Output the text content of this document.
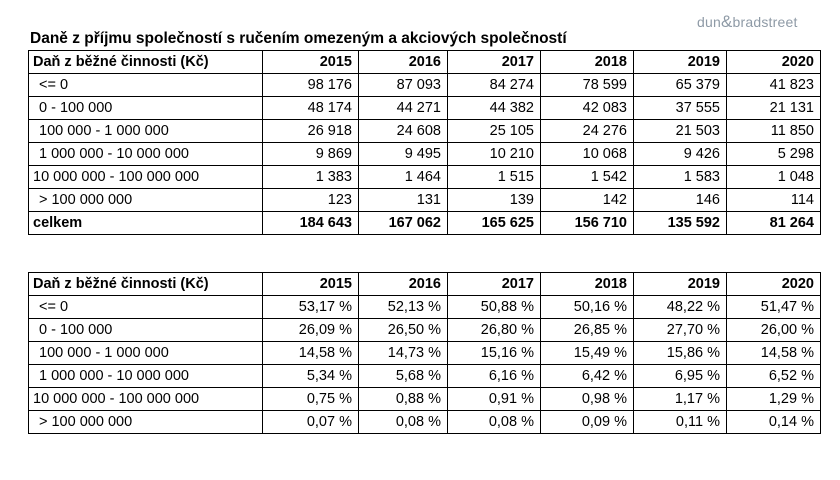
dun&bradstreet
Daně z příjmu společností s ručením omezeným a akciových společností
Daň z běžné činnosti (Kč)	2015	2016	2017	2018	2019	2020
<= 0	98 176	87 093	84 274	78 599	65 379	41 823
0 - 100 000	48 174	44 271	44 382	42 083	37 555	21 131
100 000 - 1 000 000	26 918	24 608	25 105	24 276	21 503	11 850
1 000 000 - 10 000 000	9 869	9 495	10 210	10 068	9 426	5 298
10 000 000 - 100 000 000	1 383	1 464	1 515	1 542	1 583	1 048
> 100 000 000	123	131	139	142	146	114
celkem	184 643	167 062	165 625	156 710	135 592	81 264
Daň z běžné činnosti (Kč)	2015	2016	2017	2018	2019	2020
<= 0	53,17 %	52,13 %	50,88 %	50,16 %	48,22 %	51,47 %
0 - 100 000	26,09 %	26,50 %	26,80 %	26,85 %	27,70 %	26,00 %
100 000 - 1 000 000	14,58 %	14,73 %	15,16 %	15,49 %	15,86 %	14,58 %
1 000 000 - 10 000 000	5,34 %	5,68 %	6,16 %	6,42 %	6,95 %	6,52 %
10 000 000 - 100 000 000	0,75 %	0,88 %	0,91 %	0,98 %	1,17 %	1,29 %
> 100 000 000	0,07 %	0,08 %	0,08 %	0,09 %	0,11 %	0,14 %
